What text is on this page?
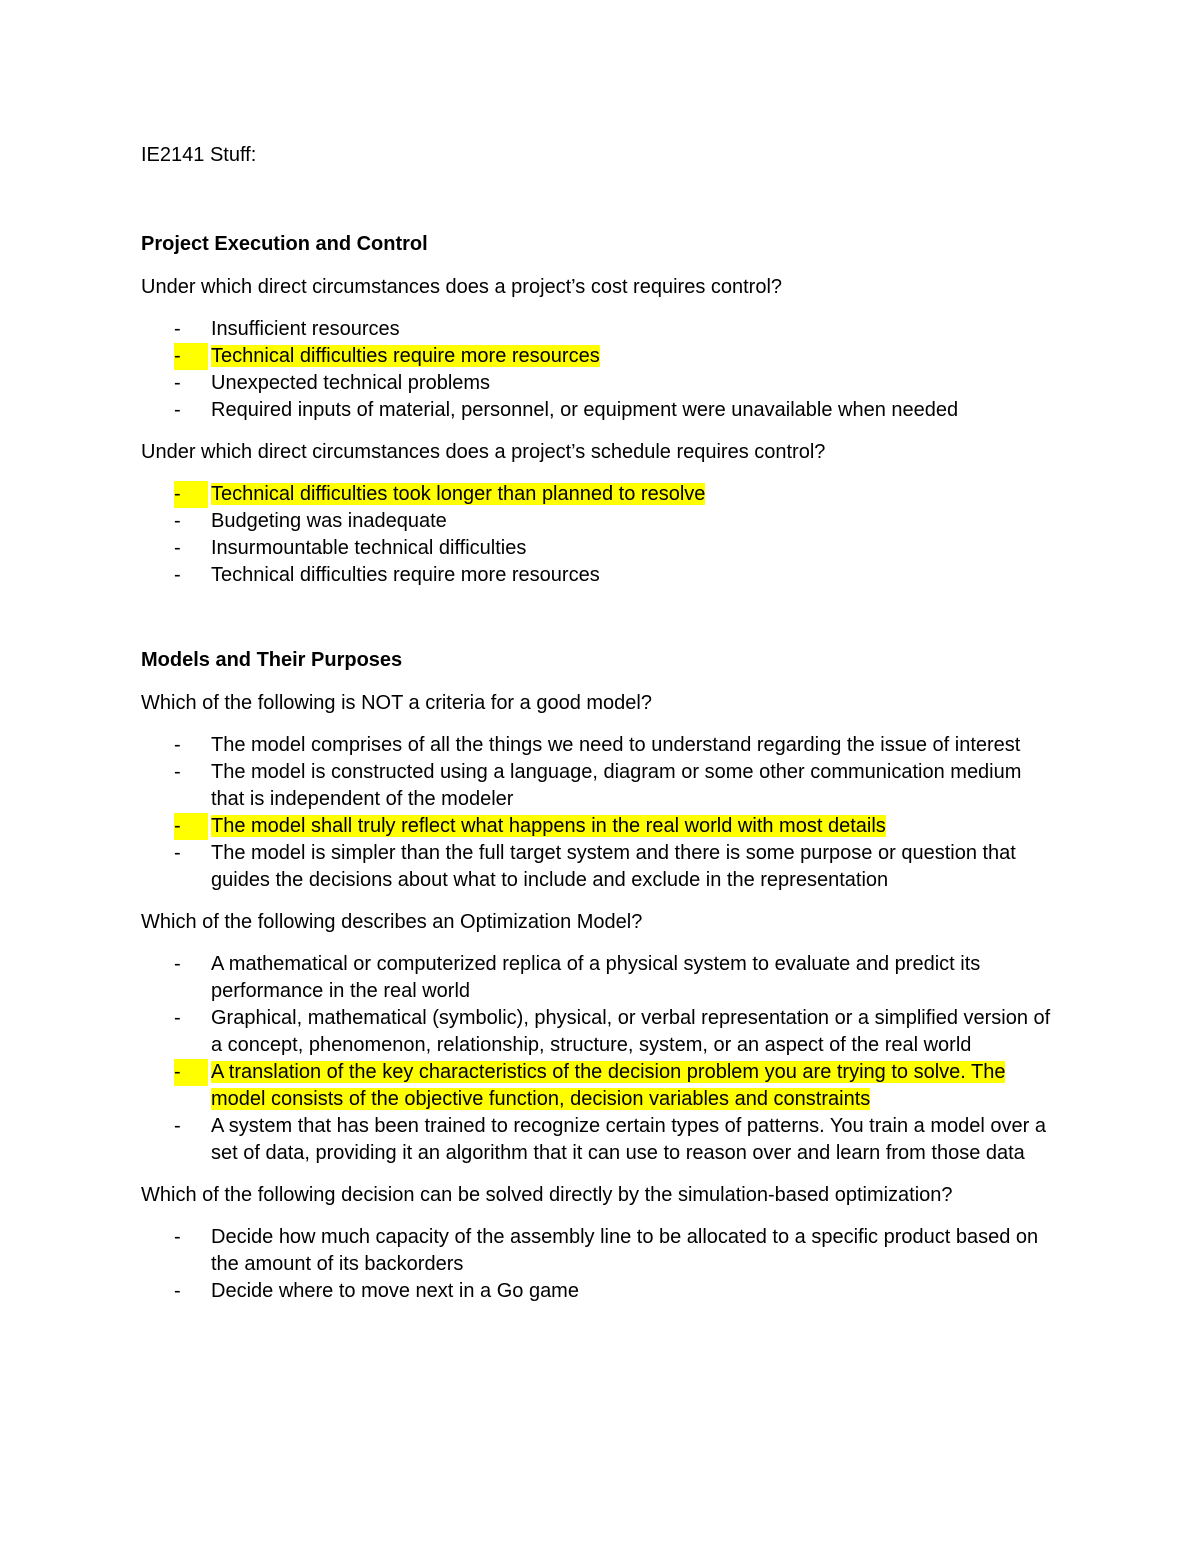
IE2141 Stuff:

Project Execution and Control

Under which direct circumstances does a project’s cost requires control?

- Insufficient resources
-	Technical difficulties require more resources
- Unexpected technical problems
- Required inputs of material, personnel, or equipment were unavailable when needed

Under which direct circumstances does a project’s schedule requires control?

-	Technical difficulties took longer than planned to resolve
- Budgeting was inadequate
- Insurmountable technical difficulties
- Technical difficulties require more resources

Models and Their Purposes

Which of the following is NOT a criteria for a good model?

- The model comprises of all the things we need to understand regarding the issue of interest
- The model is constructed using a language, diagram or some other communication medium that is independent of the modeler
-	The model shall truly reflect what happens in the real world with most details
- The model is simpler than the full target system and there is some purpose or question that guides the decisions about what to include and exclude in the representation

Which of the following describes an Optimization Model?

- A mathematical or computerized replica of a physical system to evaluate and predict its performance in the real world
- Graphical, mathematical (symbolic), physical, or verbal representation or a simplified version of a concept, phenomenon, relationship, structure, system, or an aspect of the real world
-	A translation of the key characteristics of the decision problem you are trying to solve. The model consists of the objective function, decision variables and constraints
- A system that has been trained to recognize certain types of patterns. You train a model over a set of data, providing it an algorithm that it can use to reason over and learn from those data

Which of the following decision can be solved directly by the simulation-based optimization?

- Decide how much capacity of the assembly line to be allocated to a specific product based on the amount of its backorders
- Decide where to move next in a Go game
